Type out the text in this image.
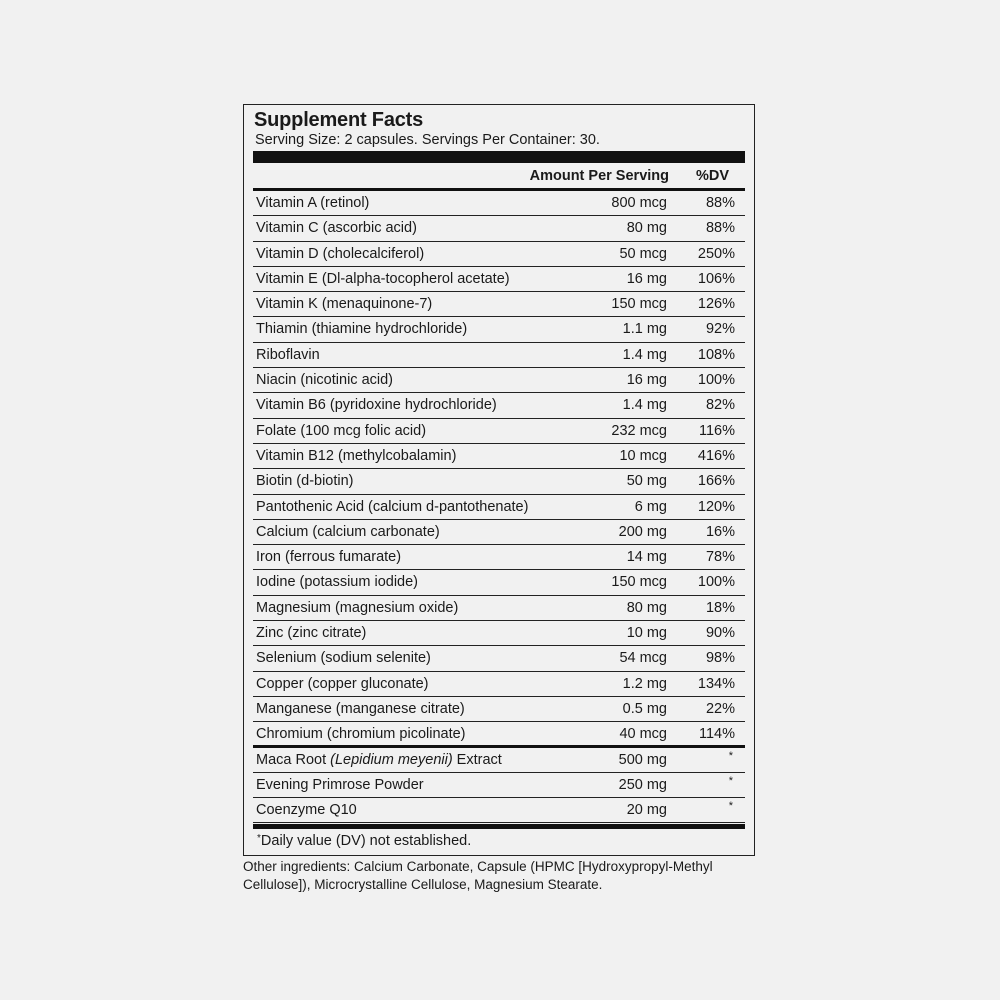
Supplement Facts
Serving Size: 2 capsules. Servings Per Container: 30.
Amount Per Serving %DV
Vitamin A (retinol)	800 mcg	88%
Vitamin C (ascorbic acid)	80 mg	88%
Vitamin D (cholecalciferol)	50 mcg 250%
Vitamin E (Dl-alpha-tocopherol acetate)	16 mg 106%
Vitamin K (menaquinone-7)	150 mcg 126%
Thiamin (thiamine hydrochloride)	1.1 mg	92%
Riboflavin	1.4 mg 108%
Niacin (nicotinic acid)	16 mg 100%
Vitamin B6 (pyridoxine hydrochloride)	1.4 mg	82%
Folate (100 mcg folic acid)	232 mcg 116%
Vitamin B12 (methylcobalamin)	10 mcg 416%
Biotin (d-biotin)	50 mg 166%
Pantothenic Acid (calcium d-pantothenate)	6 mg 120%
Calcium (calcium carbonate)	200 mg	16%
Iron (ferrous fumarate)	14 mg	78%
Iodine (potassium iodide)	150 mcg 100%
Magnesium (magnesium oxide)	80 mg	18%
Zinc (zinc citrate)	10 mg	90%
Selenium (sodium selenite)	54 mcg	98%
Copper (copper gluconate)	1.2 mg 134%
Manganese (manganese citrate)	0.5 mg	22%
Chromium (chromium picolinate)	40 mcg 114%
Maca Root (Lepidium meyenii) Extract	500 mg	*
Evening Primrose Powder	250 mg	*
Coenzyme Q10	20 mg	*
*Daily value (DV) not established.
Other ingredients: Calcium Carbonate, Capsule (HPMC [Hydroxypropyl-Methyl Cellulose]), Microcrystalline Cellulose, Magnesium Stearate.
